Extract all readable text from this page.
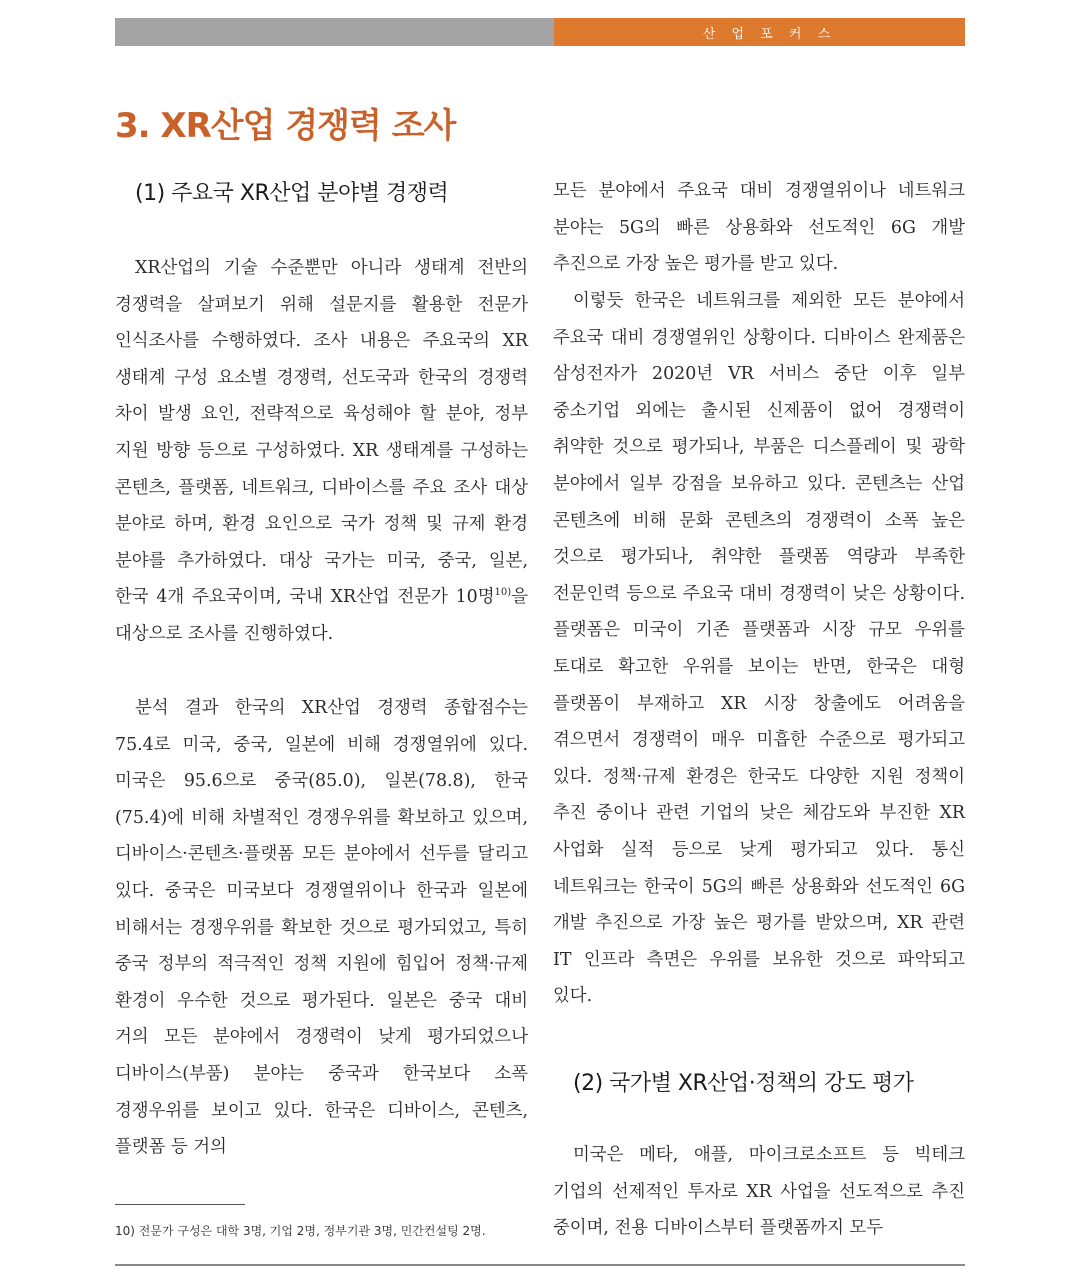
산 업 포 커 스
3. XR산업 경쟁력 조사
(1) 주요국 XR산업 분야별 경쟁력

XR산업의 기술 수준뿐만 아니라 생태계 전반의 경쟁력을 살펴보기 위해 설문지를 활용한 전문가 인식조사를 수행하였다. 조사 내용은 주요국의 XR 생태계 구성 요소별 경쟁력, 선도국과 한국의 경쟁력 차이 발생 요인, 전략적으로 육성해야 할 분야, 정부 지원 방향 등으로 구성하였다. XR 생태계를 구성하는 콘텐츠, 플랫폼, 네트워크, 디바이스를 주요 조사 대상 분야로 하며, 환경 요인으로 국가 정책 및 규제 환경 분야를 추가하였다. 대상 국가는 미국, 중국, 일본, 한국 4개 주요국이며, 국내 XR산업 전문가 10명$^{10)}$을 대상으로 조사를 진행하였다.

분석 결과 한국의 XR산업 경쟁력 종합점수는 75.4로 미국, 중국, 일본에 비해 경쟁열위에 있다. 미국은 95.6으로 중국(85.0), 일본(78.8), 한국(75.4)에 비해 차별적인 경쟁우위를 확보하고 있으며, 디바이스·콘텐츠·플랫폼 모든 분야에서 선두를 달리고 있다. 중국은 미국보다 경쟁열위이나 한국과 일본에 비해서는 경쟁우위를 확보한 것으로 평가되었고, 특히 중국 정부의 적극적인 정책 지원에 힘입어 정책·규제 환경이 우수한 것으로 평가된다. 일본은 중국 대비 거의 모든 분야에서 경쟁력이 낮게 평가되었으나 디바이스(부품) 분야는 중국과 한국보다 소폭 경쟁우위를 보이고 있다. 한국은 디바이스, 콘텐츠, 플랫폼 등 거의

10) 전문가 구성은 대학 3명, 기업 2명, 정부기관 3명, 민간컨설팅 2명.

모든 분야에서 주요국 대비 경쟁열위이나 네트워크 분야는 5G의 빠른 상용화와 선도적인 6G 개발 추진으로 가장 높은 평가를 받고 있다.

이렇듯 한국은 네트워크를 제외한 모든 분야에서 주요국 대비 경쟁열위인 상황이다. 디바이스 완제품은 삼성전자가 2020년 VR 서비스 중단 이후 일부 중소기업 외에는 출시된 신제품이 없어 경쟁력이 취약한 것으로 평가되나, 부품은 디스플레이 및 광학 분야에서 일부 강점을 보유하고 있다. 콘텐츠는 산업 콘텐츠에 비해 문화 콘텐츠의 경쟁력이 소폭 높은 것으로 평가되나, 취약한 플랫폼 역량과 부족한 전문인력 등으로 주요국 대비 경쟁력이 낮은 상황이다. 플랫폼은 미국이 기존 플랫폼과 시장 규모 우위를 토대로 확고한 우위를 보이는 반면, 한국은 대형 플랫폼이 부재하고 XR 시장 창출에도 어려움을 겪으면서 경쟁력이 매우 미흡한 수준으로 평가되고 있다. 정책·규제 환경은 한국도 다양한 지원 정책이 추진 중이나 관련 기업의 낮은 체감도와 부진한 XR 사업화 실적 등으로 낮게 평가되고 있다. 통신 네트워크는 한국이 5G의 빠른 상용화와 선도적인 6G 개발 추진으로 가장 높은 평가를 받았으며, XR 관련 IT 인프라 측면은 우위를 보유한 것으로 파악되고 있다.

(2) 국가별 XR산업·정책의 강도 평가

미국은 메타, 애플, 마이크로소프트 등 빅테크 기업의 선제적인 투자로 XR 사업을 선도적으로 추진 중이며, 전용 디바이스부터 플랫폼까지 모두
